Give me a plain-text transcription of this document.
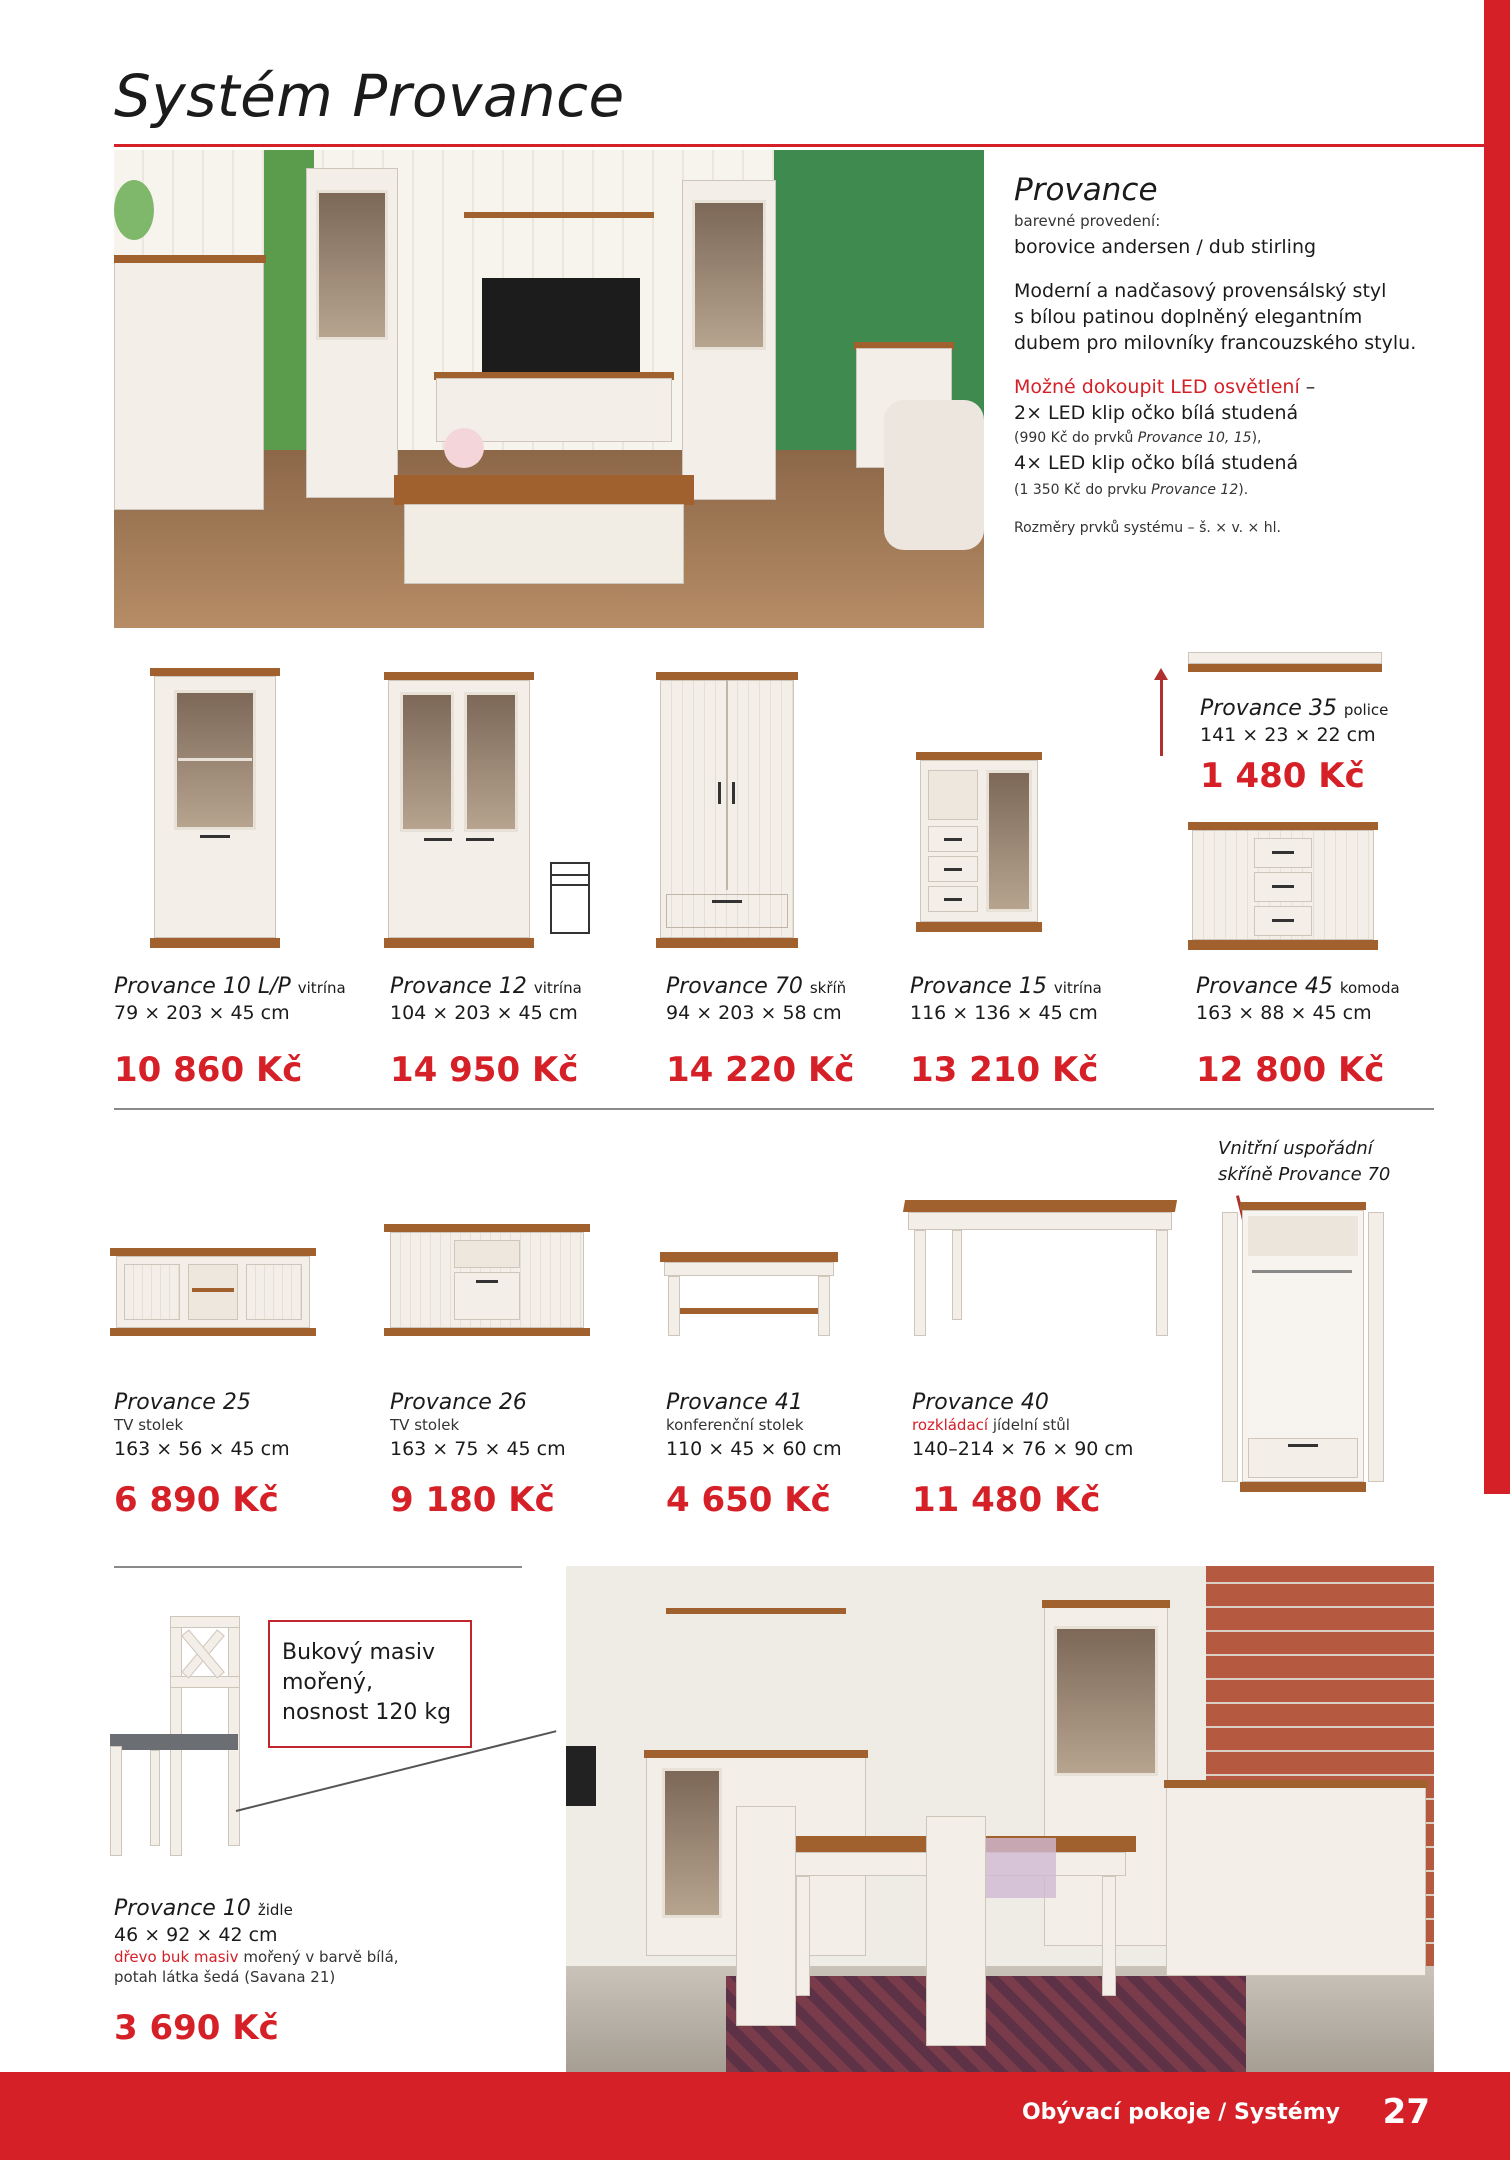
Systém Provance
Provance
barevné provedení:
borovice andersen / dub stirling
Moderní a nadčasový provensálský styl
s bílou patinou doplněný elegantním
dubem pro milovníky francouzského stylu.
Možné dokoupit LED osvětlení –
2× LED klip očko bílá studená
(990 Kč do prvků Provance 10, 15),
4× LED klip očko bílá studená
(1 350 Kč do prvku Provance 12).
Rozměry prvků systému – š. × v. × hl.
Provance 35 police
141 × 23 × 22 cm
1 480 Kč
Provance 10 L/P vitrína
79 × 203 × 45 cm
10 860 Kč
Provance 12 vitrína
104 × 203 × 45 cm
14 950 Kč
Provance 70 skříň
94 × 203 × 58 cm
14 220 Kč
Provance 15 vitrína
116 × 136 × 45 cm
13 210 Kč
Provance 45 komoda
163 × 88 × 45 cm
12 800 Kč
Vnitřní uspořádní
skříně Provance 70
Provance 25
TV stolek
163 × 56 × 45 cm
6 890 Kč
Provance 26
TV stolek
163 × 75 × 45 cm
9 180 Kč
Provance 41
konferenční stolek
110 × 45 × 60 cm
4 650 Kč
Provance 40
rozkládací jídelní stůl
140–214 × 76 × 90 cm
11 480 Kč
Bukový masiv
mořený,
nosnost 120 kg
Provance 10 židle
46 × 92 × 42 cm
dřevo buk masiv mořený v barvě bílá,
potah látka šedá (Savana 21)
3 690 Kč
Obývací pokoje / Systémy 27
